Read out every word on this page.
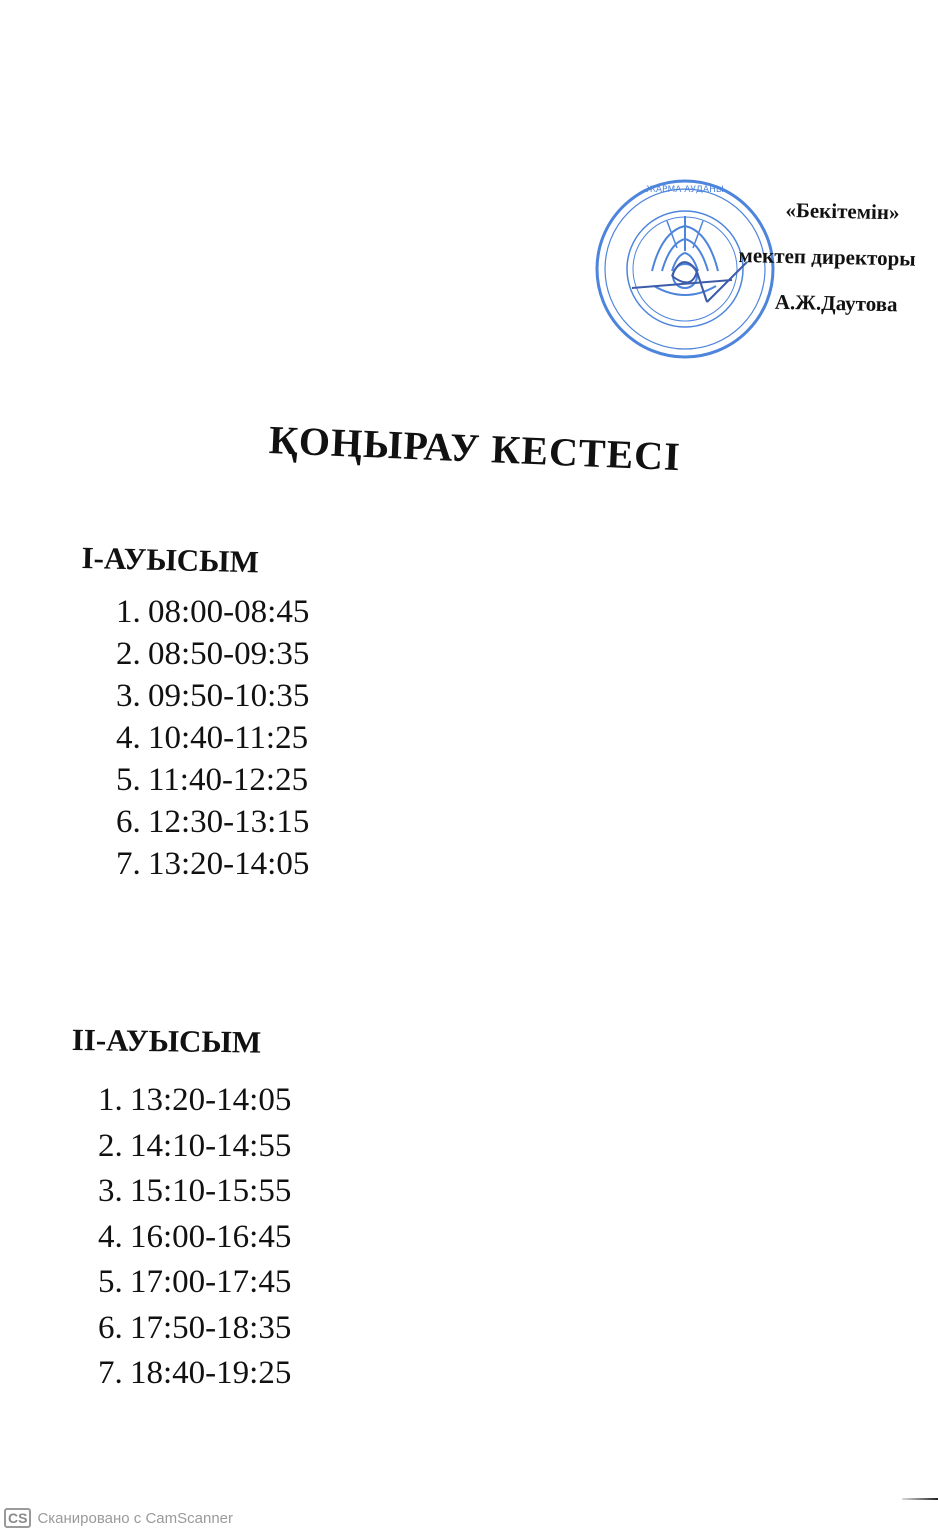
ЖАРМА АУДАНЫ
«Бекітемін»
мектеп директоры
А.Ж.Даутова
ҚОҢЫРАУ КЕСТЕСІ
I-АУЫСЫМ
1. 08:00-08:45
2. 08:50-09:35
3. 09:50-10:35
4. 10:40-11:25
5. 11:40-12:25
6. 12:30-13:15
7. 13:20-14:05
II-АУЫСЫМ
1. 13:20-14:05
2. 14:10-14:55
3. 15:10-15:55
4. 16:00-16:45
5. 17:00-17:45
6. 17:50-18:35
7. 18:40-19:25
CS Сканировано с CamScanner
